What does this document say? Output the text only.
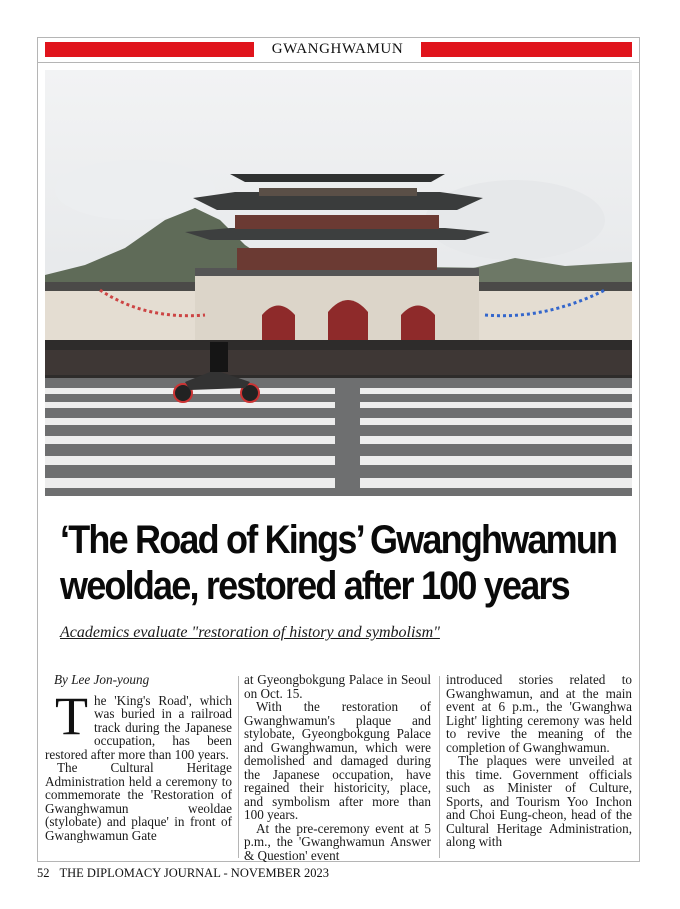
GWANGHWAMUN
‘The Road of Kings’ Gwanghwamun
weoldae, restored after 100 years
Academics evaluate "restoration of history and symbolism"

By Lee Jon-young

The 'King's Road', which was buried in a railroad track during the Japanese occupation, has been restored after more than 100 years.

The Cultural Heritage Administration held a ceremony to commemorate the 'Restoration of Gwanghwamun weoldae (stylobate) and plaque' in front of Gwanghwamun Gate

at Gyeongbokgung Palace in Seoul on Oct. 15.

With the restoration of Gwanghwamun's plaque and stylobate, Gyeongbokgung Palace and Gwanghwamun, which were demolished and damaged during the Japanese occupation, have regained their historicity, place, and symbolism after more than 100 years.

At the pre-ceremony event at 5 p.m., the 'Gwanghwamun Answer & Question' event

introduced stories related to Gwanghwamun, and at the main event at 6 p.m., the 'Gwanghwa Light' lighting ceremony was held to revive the meaning of the completion of Gwanghwamun.

The plaques were unveiled at this time. Government officials such as Minister of Culture, Sports, and Tourism Yoo Inchon and Choi Eung-cheon, head of the Cultural Heritage Administration, along with

52 THE DIPLOMACY JOURNAL - NOVEMBER 2023
